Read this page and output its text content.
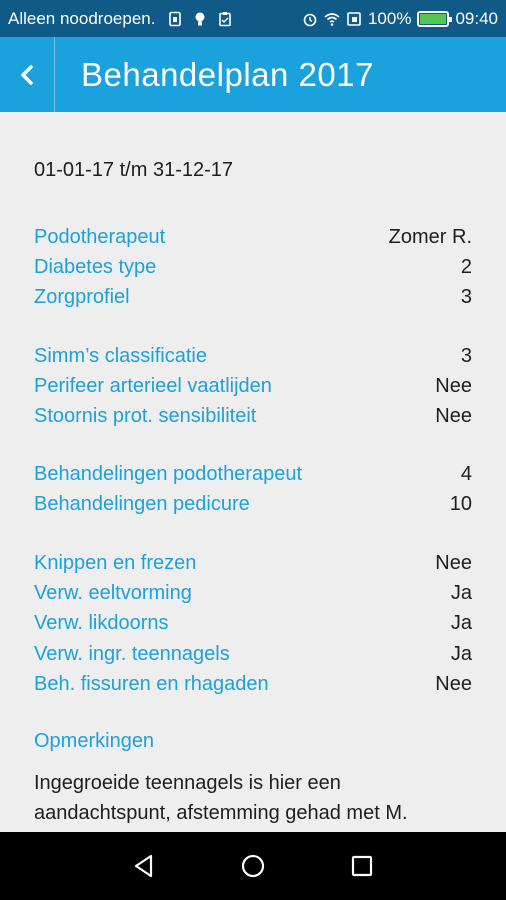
Alleen noodroepen.	100%	09:40
Behandelplan 2017
01-01-17 t/m 31-12-17
Podotherapeut	Zomer R.
Diabetes type	2
Zorgprofiel	3
Simm’s classificatie	3
Perifeer arterieel vaatlijden	Nee
Stoornis prot. sensibiliteit	Nee
Behandelingen podotherapeut	4
Behandelingen pedicure	10
Knippen en frezen	Nee
Verw. eeltvorming	Ja
Verw. likdoorns	Ja
Verw. ingr. teennagels	Ja
Beh. fissuren en rhagaden	Nee
Opmerkingen
Ingegroeide teennagels is hier een aandachtspunt, afstemming gehad met M.
